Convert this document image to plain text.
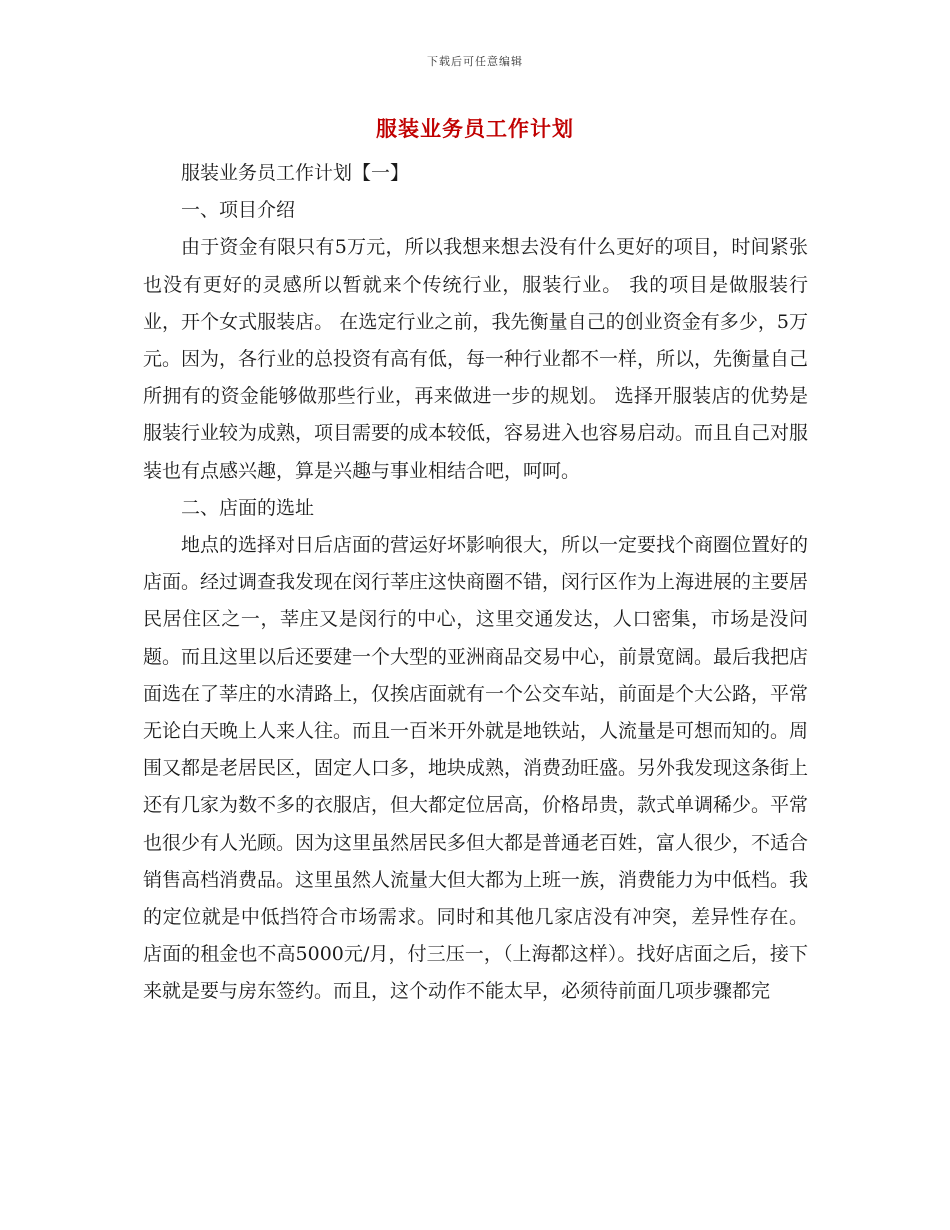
下载后可任意编辑
服装业务员工作计划

服装业务员工作计划【一】

一、项目介绍

由于资金有限只有5万元，所以我想来想去没有什么更好的项目，时间紧张也没有更好的灵感所以暂就来个传统行业，服装行业。 我的项目是做服装行业，开个女式服装店。 在选定行业之前，我先衡量自己的创业资金有多少，5万元。因为，各行业的总投资有高有低，每一种行业都不一样，所以，先衡量自己所拥有的资金能够做那些行业，再来做进一步的规划。 选择开服装店的优势是服装行业较为成熟，项目需要的成本较低，容易进入也容易启动。而且自己对服装也有点感兴趣，算是兴趣与事业相结合吧，呵呵。

二、店面的选址

地点的选择对日后店面的营运好坏影响很大，所以一定要找个商圈位置好的店面。经过调查我发现在闵行莘庄这快商圈不错，闵行区作为上海进展的主要居民居住区之一，莘庄又是闵行的中心，这里交通发达，人口密集，市场是没问题。而且这里以后还要建一个大型的亚洲商品交易中心，前景宽阔。最后我把店面选在了莘庄的水清路上，仅挨店面就有一个公交车站，前面是个大公路，平常无论白天晚上人来人往。而且一百米开外就是地铁站，人流量是可想而知的。周围又都是老居民区，固定人口多，地块成熟，消费劲旺盛。另外我发现这条街上还有几家为数不多的衣服店，但大都定位居高，价格昂贵，款式单调稀少。平常也很少有人光顾。因为这里虽然居民多但大都是普通老百姓，富人很少，不适合销售高档消费品。这里虽然人流量大但大都为上班一族，消费能力为中低档。我的定位就是中低挡符合市场需求。同时和其他几家店没有冲突，差异性存在。 店面的租金也不高5000元/月，付三压一，（上海都这样）。找好店面之后，接下来就是要与房东签约。而且，这个动作不能太早，必须待前面几项步骤都完
